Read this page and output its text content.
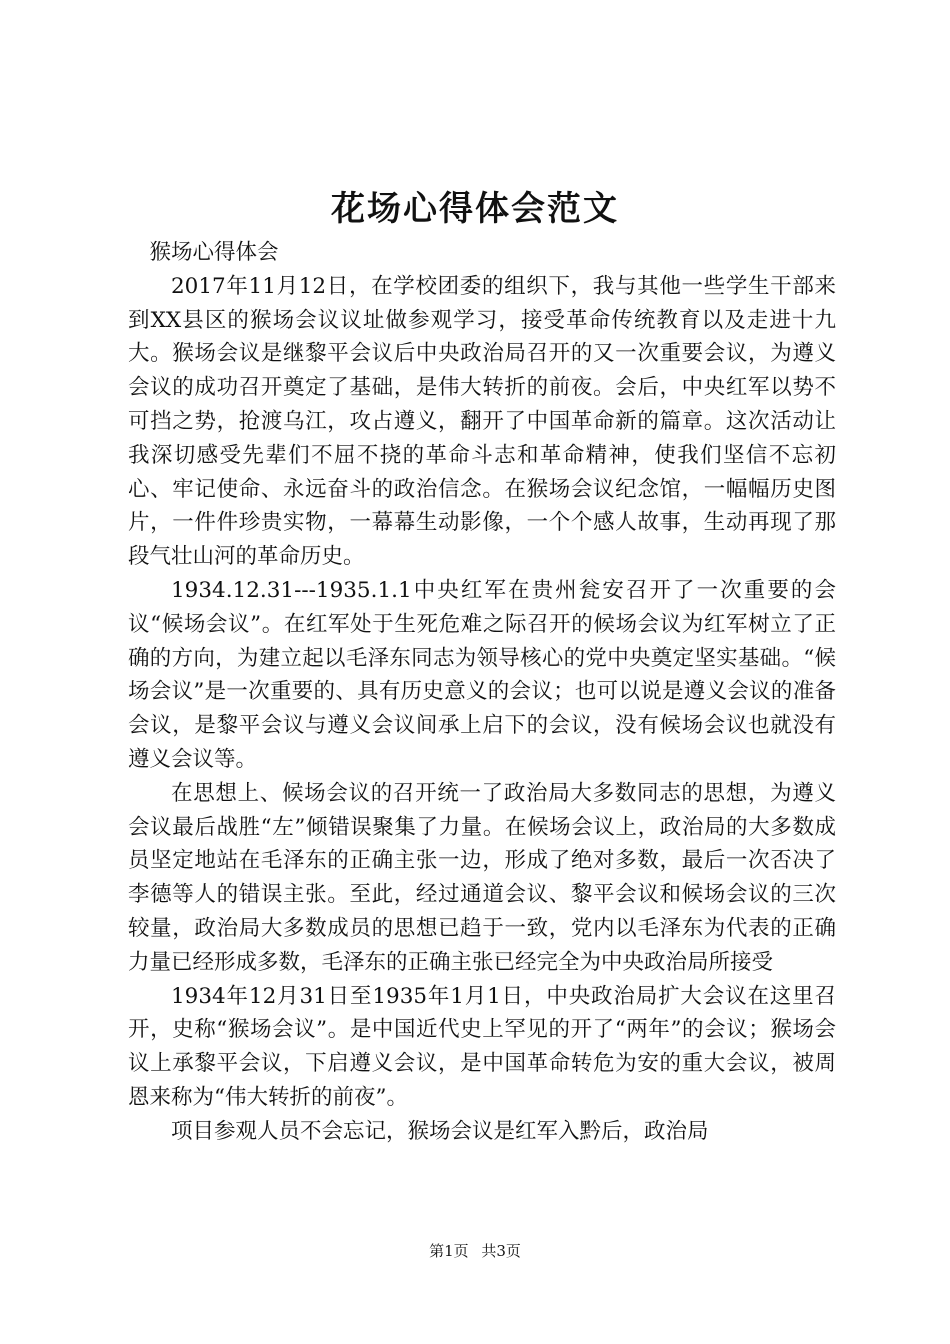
花场心得体会范文

猴场心得体会

2017年11月12日，在学校团委的组织下，我与其他一些学生干部来到XX县区的猴场会议议址做参观学习，接受革命传统教育以及走进十九大。猴场会议是继黎平会议后中央政治局召开的又一次重要会议，为遵义会议的成功召开奠定了基础，是伟大转折的前夜。会后，中央红军以势不可挡之势，抢渡乌江，攻占遵义，翻开了中国革命新的篇章。这次活动让我深切感受先辈们不屈不挠的革命斗志和革命精神，使我们坚信不忘初心、牢记使命、永远奋斗的政治信念。在猴场会议纪念馆，一幅幅历史图片，一件件珍贵实物，一幕幕生动影像，一个个感人故事，生动再现了那段气壮山河的革命历史。

1934.12.31---1935.1.1中央红军在贵州瓮安召开了一次重要的会议“候场会议”。在红军处于生死危难之际召开的候场会议为红军树立了正确的方向，为建立起以毛泽东同志为领导核心的党中央奠定坚实基础。“候场会议”是一次重要的、具有历史意义的会议；也可以说是遵义会议的准备会议，是黎平会议与遵义会议间承上启下的会议，没有候场会议也就没有遵义会议等。

在思想上、候场会议的召开统一了政治局大多数同志的思想，为遵义会议最后战胜“左”倾错误聚集了力量。在候场会议上，政治局的大多数成员坚定地站在毛泽东的正确主张一边，形成了绝对多数，最后一次否决了李德等人的错误主张。至此，经过通道会议、黎平会议和候场会议的三次较量，政治局大多数成员的思想已趋于一致，党内以毛泽东为代表的正确力量已经形成多数，毛泽东的正确主张已经完全为中央政治局所接受

1934年12月31日至1935年1月1日，中央政治局扩大会议在这里召开，史称“猴场会议”。是中国近代史上罕见的开了“两年”的会议；猴场会议上承黎平会议，下启遵义会议，是中国革命转危为安的重大会议，被周恩来称为“伟大转折的前夜”。

项目参观人员不会忘记，猴场会议是红军入黔后，政治局

第1页 共3页
